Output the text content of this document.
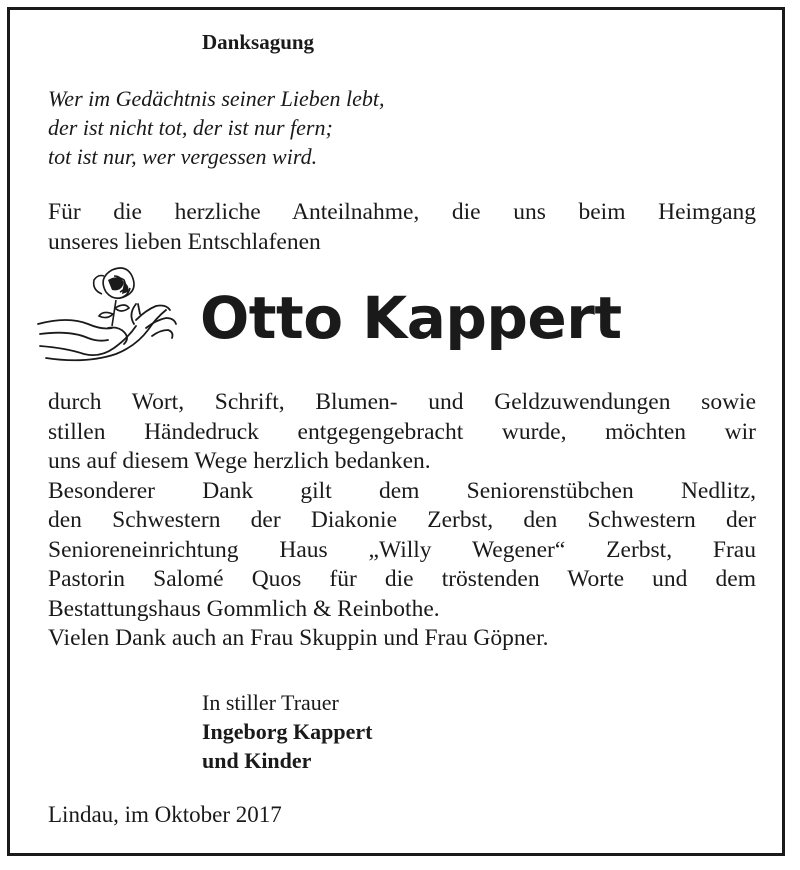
Danksagung
Wer im Gedächtnis seiner Lieben lebt,
der ist nicht tot, der ist nur fern;
tot ist nur, wer vergessen wird.
Für die herzliche Anteilnahme, die uns beim Heimgang
unseres lieben Entschlafenen
Otto Kappert
durch Wort, Schrift, Blumen- und Geldzuwendungen sowie
stillen Händedruck entgegengebracht wurde, möchten wir
uns auf diesem Wege herzlich bedanken.
Besonderer Dank gilt dem Seniorenstübchen Nedlitz,
den Schwestern der Diakonie Zerbst, den Schwestern der
Senioreneinrichtung Haus „Willy Wegener“ Zerbst, Frau
Pastorin Salomé Quos für die tröstenden Worte und dem
Bestattungshaus Gommlich & Reinbothe.
Vielen Dank auch an Frau Skuppin und Frau Göpner.
In stiller Trauer
Ingeborg Kappert
und Kinder
Lindau, im Oktober 2017
